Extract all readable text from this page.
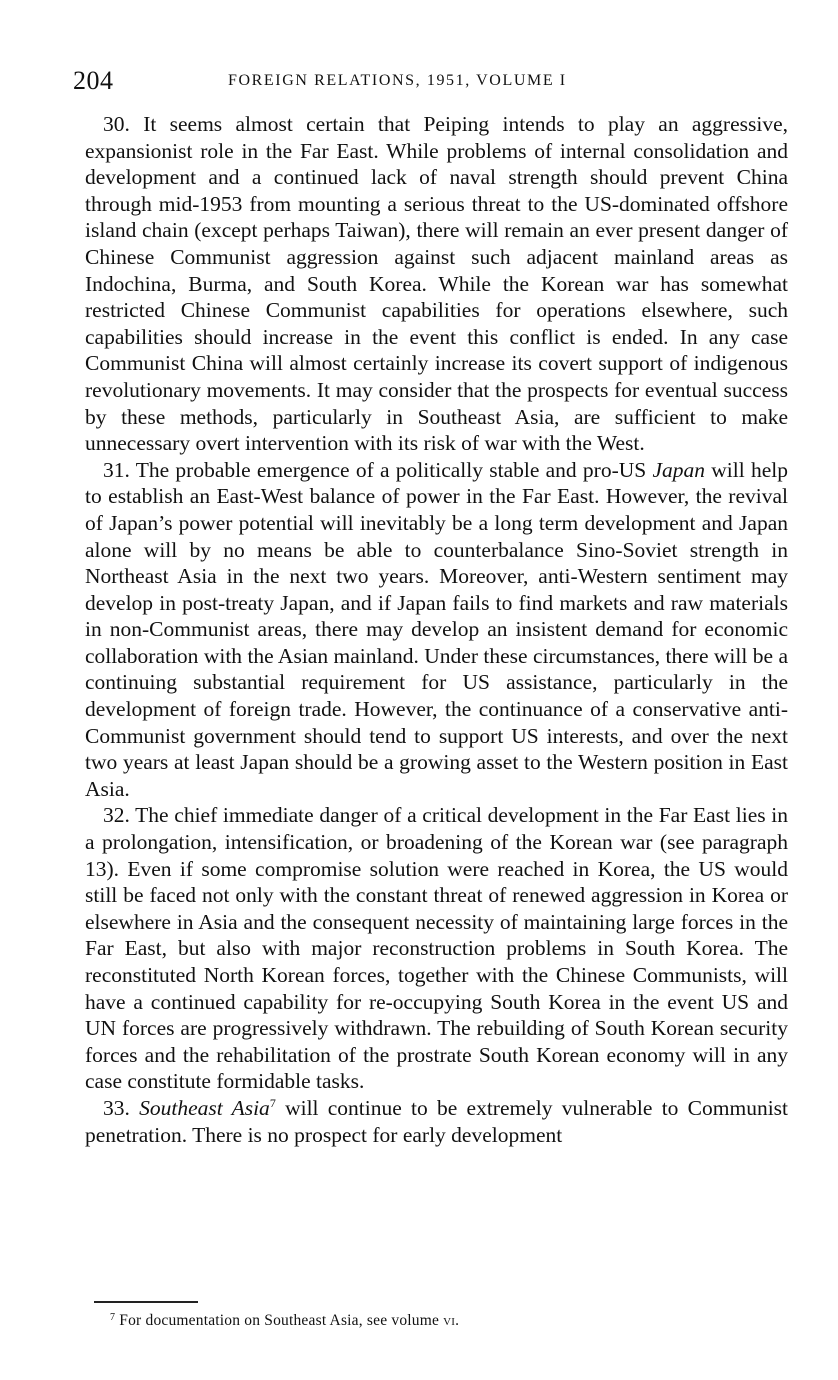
204	FOREIGN RELATIONS, 1951, VOLUME I

30. It seems almost certain that Peiping intends to play an aggressive, expansionist role in the Far East. While problems of internal consolidation and development and a continued lack of naval strength should prevent China through mid-1953 from mounting a serious threat to the US-dominated offshore island chain (except perhaps Taiwan), there will remain an ever present danger of Chinese Communist aggression against such adjacent mainland areas as Indochina, Burma, and South Korea. While the Korean war has somewhat restricted Chinese Communist capabilities for operations elsewhere, such capabilities should increase in the event this conflict is ended. In any case Communist China will almost certainly increase its covert support of indigenous revolutionary movements. It may consider that the prospects for eventual success by these methods, particularly in Southeast Asia, are sufficient to make unnecessary overt intervention with its risk of war with the West.

31. The probable emergence of a politically stable and pro-US Japan will help to establish an East-West balance of power in the Far East. However, the revival of Japan’s power potential will inevitably be a long term development and Japan alone will by no means be able to counterbalance Sino-Soviet strength in Northeast Asia in the next two years. Moreover, anti-Western sentiment may develop in post-treaty Japan, and if Japan fails to find markets and raw materials in non-Communist areas, there may develop an insistent demand for economic collaboration with the Asian mainland. Under these circumstances, there will be a continuing substantial requirement for US assistance, particularly in the development of foreign trade. However, the continuance of a conservative anti-Communist government should tend to support US interests, and over the next two years at least Japan should be a growing asset to the Western position in East Asia.

32. The chief immediate danger of a critical development in the Far East lies in a prolongation, intensification, or broadening of the Korean war (see paragraph 13). Even if some compromise solution were reached in Korea, the US would still be faced not only with the constant threat of renewed aggression in Korea or elsewhere in Asia and the consequent necessity of maintaining large forces in the Far East, but also with major reconstruction problems in South Korea. The reconstituted North Korean forces, together with the Chinese Communists, will have a continued capability for re-occupying South Korea in the event US and UN forces are progressively withdrawn. The rebuilding of South Korean security forces and the rehabilitation of the prostrate South Korean economy will in any case constitute formidable tasks.

33. Southeast Asia$^7$ will continue to be extremely vulnerable to Communist penetration. There is no prospect for early development

$^7$ For documentation on Southeast Asia, see volume vi.
